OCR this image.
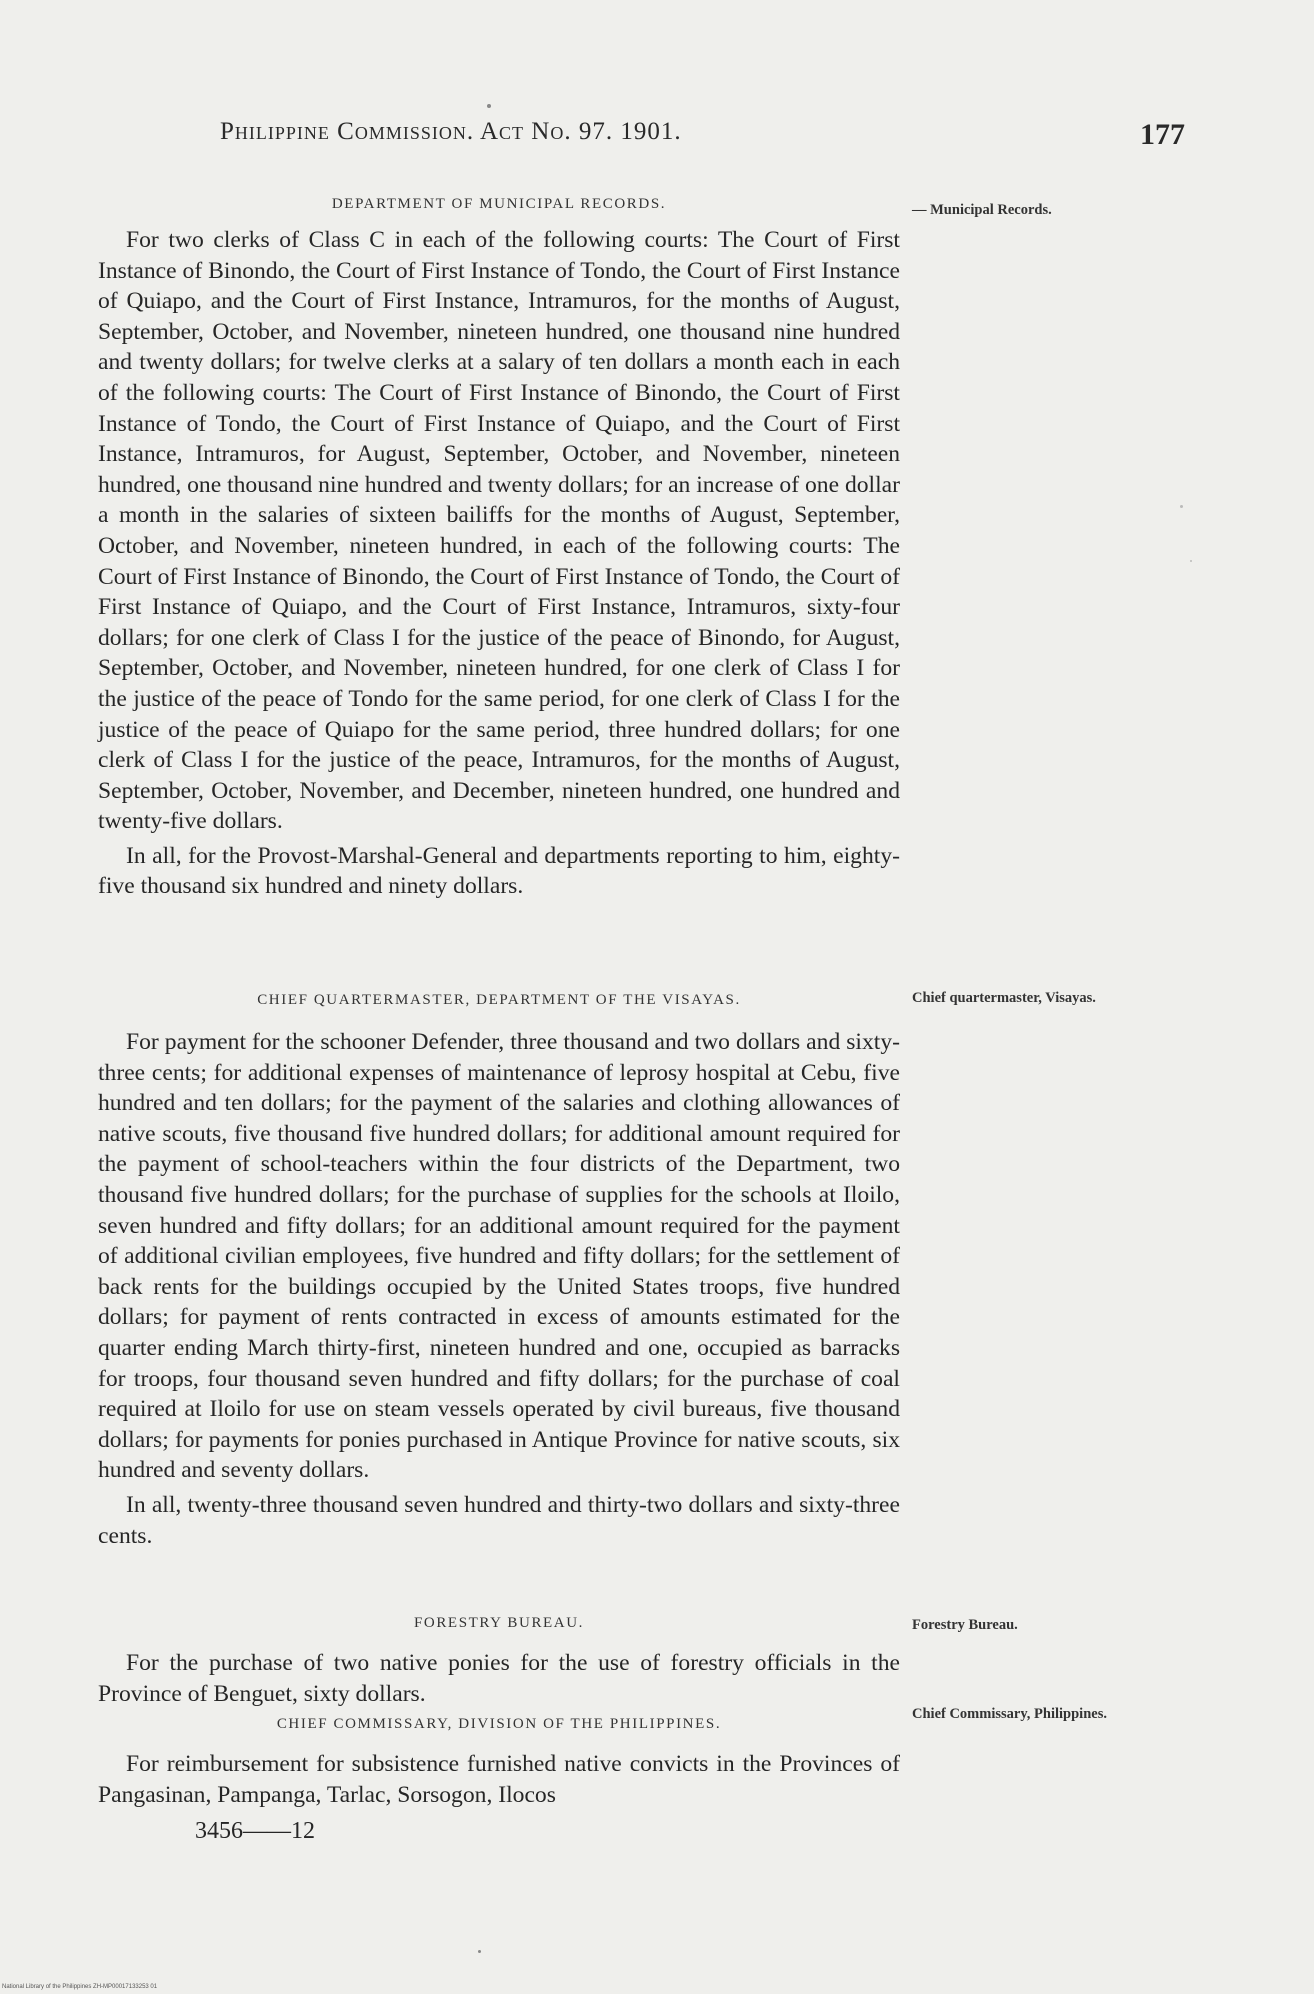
Philippine Commission. Act No. 97. 1901.	177
DEPARTMENT OF MUNICIPAL RECORDS.

For two clerks of Class C in each of the following courts: The Court of First Instance of Binondo, the Court of First Instance of Tondo, the Court of First Instance of Quiapo, and the Court of First Instance, Intramuros, for the months of August, September, October, and November, nineteen hundred, one thousand nine hundred and twenty dollars; for twelve clerks at a salary of ten dollars a month each in each of the following courts: The Court of First Instance of Binondo, the Court of First Instance of Tondo, the Court of First Instance of Quiapo, and the Court of First Instance, Intramuros, for August, September, October, and November, nineteen hundred, one thousand nine hundred and twenty dollars; for an increase of one dollar a month in the salaries of sixteen bailiffs for the months of August, September, October, and November, nineteen hundred, in each of the following courts: The Court of First Instance of Binondo, the Court of First Instance of Tondo, the Court of First Instance of Quiapo, and the Court of First Instance, Intramuros, sixty-four dollars; for one clerk of Class I for the justice of the peace of Binondo, for August, September, October, and November, nineteen hundred, for one clerk of Class I for the justice of the peace of Tondo for the same period, for one clerk of Class I for the justice of the peace of Quiapo for the same period, three hundred dollars; for one clerk of Class I for the justice of the peace, Intramuros, for the months of August, September, October, November, and December, nineteen hundred, one hundred and twenty-five dollars.

In all, for the Provost-Marshal-General and departments reporting to him, eighty-five thousand six hundred and ninety dollars.

— Municipal Records.
CHIEF QUARTERMASTER, DEPARTMENT OF THE VISAYAS.

For payment for the schooner Defender, three thousand and two dollars and sixty-three cents; for additional expenses of maintenance of leprosy hospital at Cebu, five hundred and ten dollars; for the payment of the salaries and clothing allowances of native scouts, five thousand five hundred dollars; for additional amount required for the payment of school-teachers within the four districts of the Department, two thousand five hundred dollars; for the purchase of supplies for the schools at Iloilo, seven hundred and fifty dollars; for an additional amount required for the payment of additional civilian employees, five hundred and fifty dollars; for the settlement of back rents for the buildings occupied by the United States troops, five hundred dollars; for payment of rents contracted in excess of amounts estimated for the quarter ending March thirty-first, nineteen hundred and one, occupied as barracks for troops, four thousand seven hundred and fifty dollars; for the purchase of coal required at Iloilo for use on steam vessels operated by civil bureaus, five thousand dollars; for payments for ponies purchased in Antique Province for native scouts, six hundred and seventy dollars.

In all, twenty-three thousand seven hundred and thirty-two dollars and sixty-three cents.

Chief quartermaster, Visayas.
FORESTRY BUREAU.

For the purchase of two native ponies for the use of forestry officials in the Province of Benguet, sixty dollars.

Forestry Bureau.
CHIEF COMMISSARY, DIVISION OF THE PHILIPPINES.

For reimbursement for subsistence furnished native convicts in the Provinces of Pangasinan, Pampanga, Tarlac, Sorsogon, Ilocos

Chief Commissary, Philippines.
3456——12
National Library of the Philippines ZH-MP00017133253 01
